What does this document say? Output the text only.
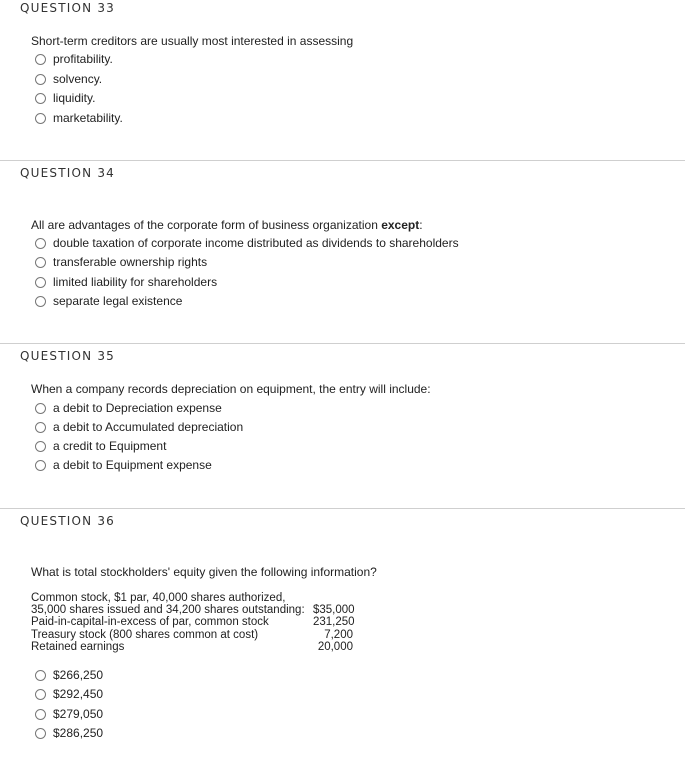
QUESTION 33
Short-term creditors are usually most interested in assessing
profitability.
solvency.
liquidity.
marketability.
QUESTION 34
All are advantages of the corporate form of business organization except:
double taxation of corporate income distributed as dividends to shareholders
transferable ownership rights
limited liability for shareholders
separate legal existence
QUESTION 35
When a company records depreciation on equipment, the entry will include:
a debit to Depreciation expense
a debit to Accumulated depreciation
a credit to Equipment
a debit to Equipment expense
QUESTION 36
What is total stockholders' equity given the following information?
Common stock, $1 par, 40,000 shares authorized,
35,000 shares issued and 34,200 shares outstanding: $35,000
Paid-in-capital-in-excess of par, common stock	231,250
Treasury stock (800 shares common at cost)	7,200
Retained earnings	20,000
$266,250
$292,450
$279,050
$286,250
